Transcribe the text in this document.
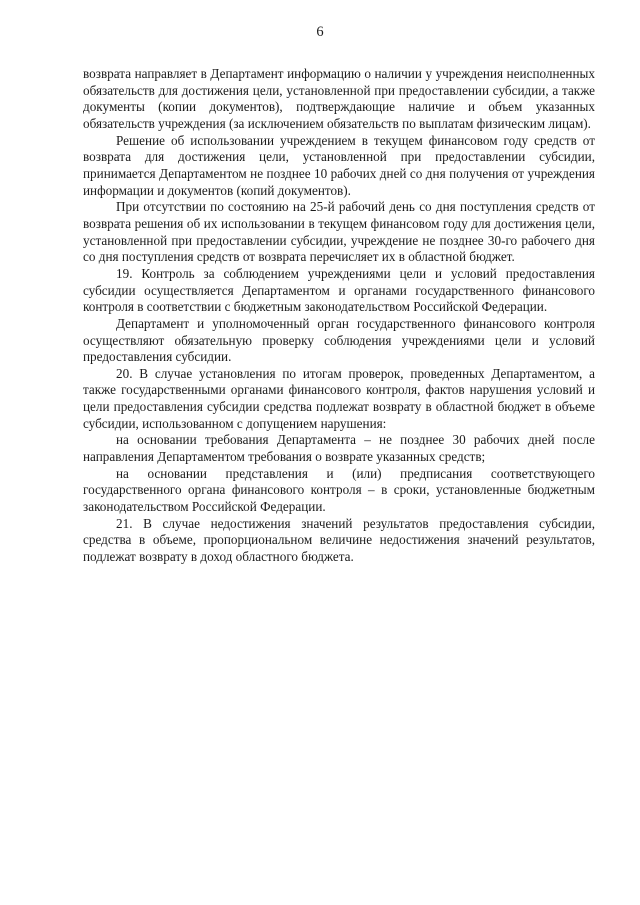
6

возврата направляет в Департамент информацию о наличии у учреждения неисполненных обязательств для достижения цели, установленной при предоставлении субсидии, а также документы (копии документов), подтверждающие наличие и объем указанных обязательств учреждения (за исключением обязательств по выплатам физическим лицам).

Решение об использовании учреждением в текущем финансовом году средств от возврата для достижения цели, установленной при предоставлении субсидии, принимается Департаментом не позднее 10 рабочих дней со дня получения от учреждения информации и документов (копий документов).

При отсутствии по состоянию на 25-й рабочий день со дня поступления средств от возврата решения об их использовании в текущем финансовом году для достижения цели, установленной при предоставлении субсидии, учреждение не позднее 30-го рабочего дня со дня поступления средств от возврата перечисляет их в областной бюджет.

19. Контроль за соблюдением учреждениями цели и условий предоставления субсидии осуществляется Департаментом и органами государственного финансового контроля в соответствии с бюджетным законодательством Российской Федерации.

Департамент и уполномоченный орган государственного финансового контроля осуществляют обязательную проверку соблюдения учреждениями цели и условий предоставления субсидии.

20. В случае установления по итогам проверок, проведенных Департаментом, а также государственными органами финансового контроля, фактов нарушения условий и цели предоставления субсидии средства подлежат возврату в областной бюджет в объеме субсидии, использованном с допущением нарушения:

на основании требования Департамента – не позднее 30 рабочих дней после направления Департаментом требования о возврате указанных средств;

на основании представления и (или) предписания соответствующего государственного органа финансового контроля – в сроки, установленные бюджетным законодательством Российской Федерации.

21. В случае недостижения значений результатов предоставления субсидии, средства в объеме, пропорциональном величине недостижения значений результатов, подлежат возврату в доход областного бюджета.
